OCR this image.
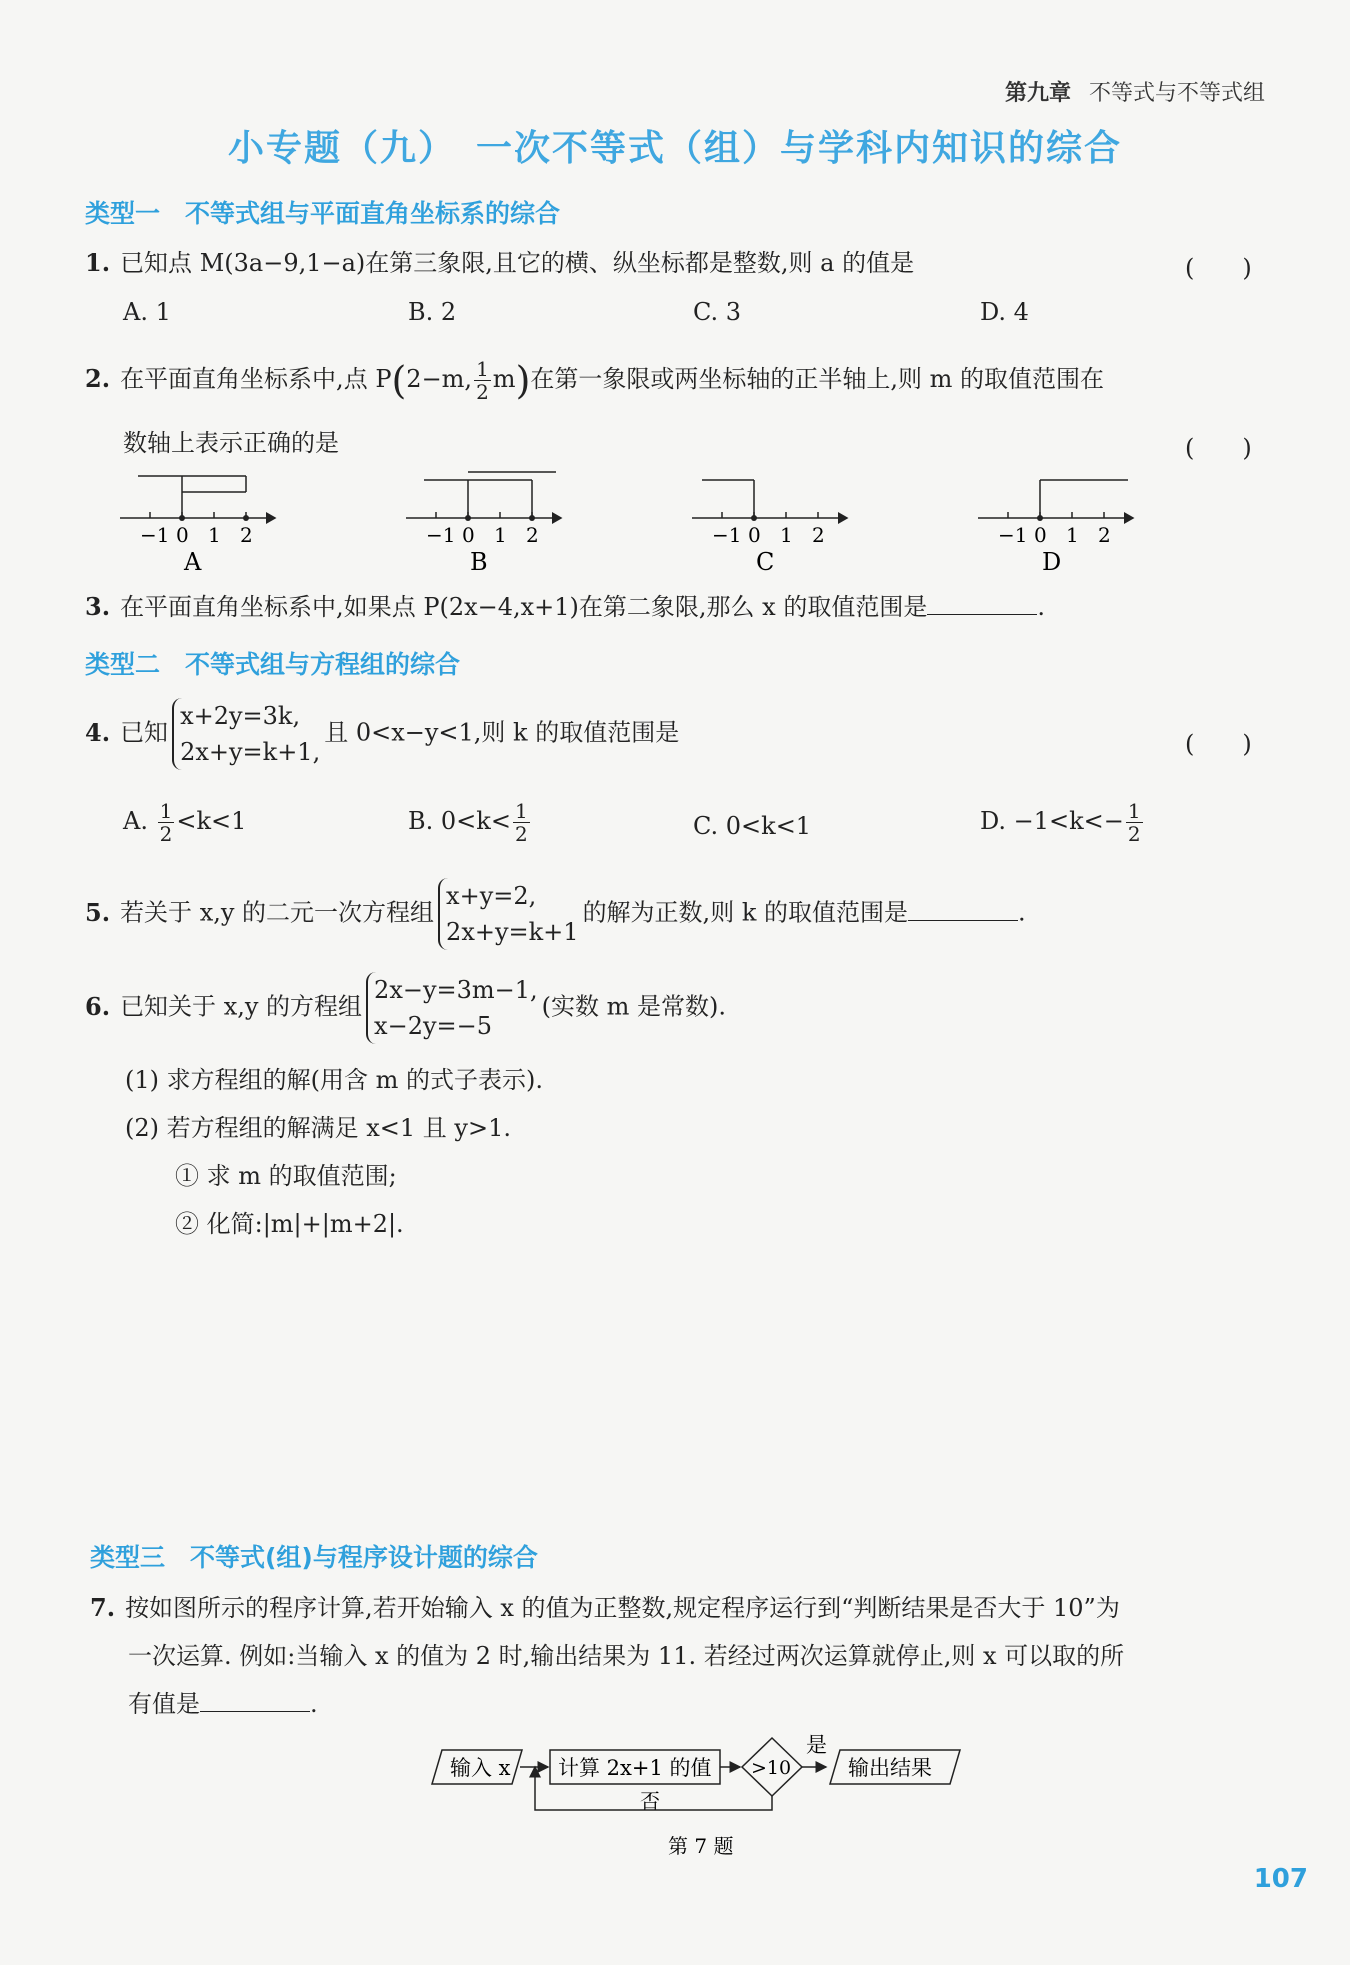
第九章 不等式与不等式组
小专题（九）　一次不等式（组）与学科内知识的综合
类型一　不等式组与平面直角坐标系的综合
1. 已知点 M(3a−9,1−a)在第三象限,且它的横、纵坐标都是整数,则 a 的值是	(　　)
A. 1	B. 2	C. 3	D. 4
2. 在平面直角坐标系中,点 P(2−m, $\frac{1}{2} m$)在第一象限或两坐标轴的正半轴上,则 m 的取值范围在
数轴上表示正确的是	(　　)
−1 0 1 2
A
−1 0 1 2
B
−1 0 1 2
C
−1 0 1 2
D
3. 在平面直角坐标系中,如果点 P(2x−4,x+1)在第二象限,那么 x 的取值范围是	.
类型二　不等式组与方程组的综合
4. 已知
x+2y=3k,
2x+y=k+1,
且 0<x−y<1,则 k 的取值范围是	(　　)
A. $\frac{1}{2} <k<1$	B. $0<k< \frac{1}{2}$	C. 0<k<1	D. $-1<k<- \frac{1}{2}$
5. 若关于 x,y 的二元一次方程组
x+y=2,
2x+y=k+1
的解为正数,则 k 的取值范围是	.
6. 已知关于 x,y 的方程组
2x−y=3m−1,
x−2y=−5
(实数 m 是常数).
(1) 求方程组的解(用含 m 的式子表示).
(2) 若方程组的解满足 x<1 且 y>1.
① 求 m 的取值范围;
② 化简:|m|+|m+2|.
类型三　不等式(组)与程序设计题的综合
7. 按如图所示的程序计算,若开始输入 x 的值为正整数,规定程序运行到“判断结果是否大于 10”为
一次运算. 例如:当输入 x 的值为 2 时,输出结果为 11. 若经过两次运算就停止,则 x 可以取的所
有值是	.
输入 x 计算 2x+1 的值 >10
是
输出结果
否
第 7 题
107
